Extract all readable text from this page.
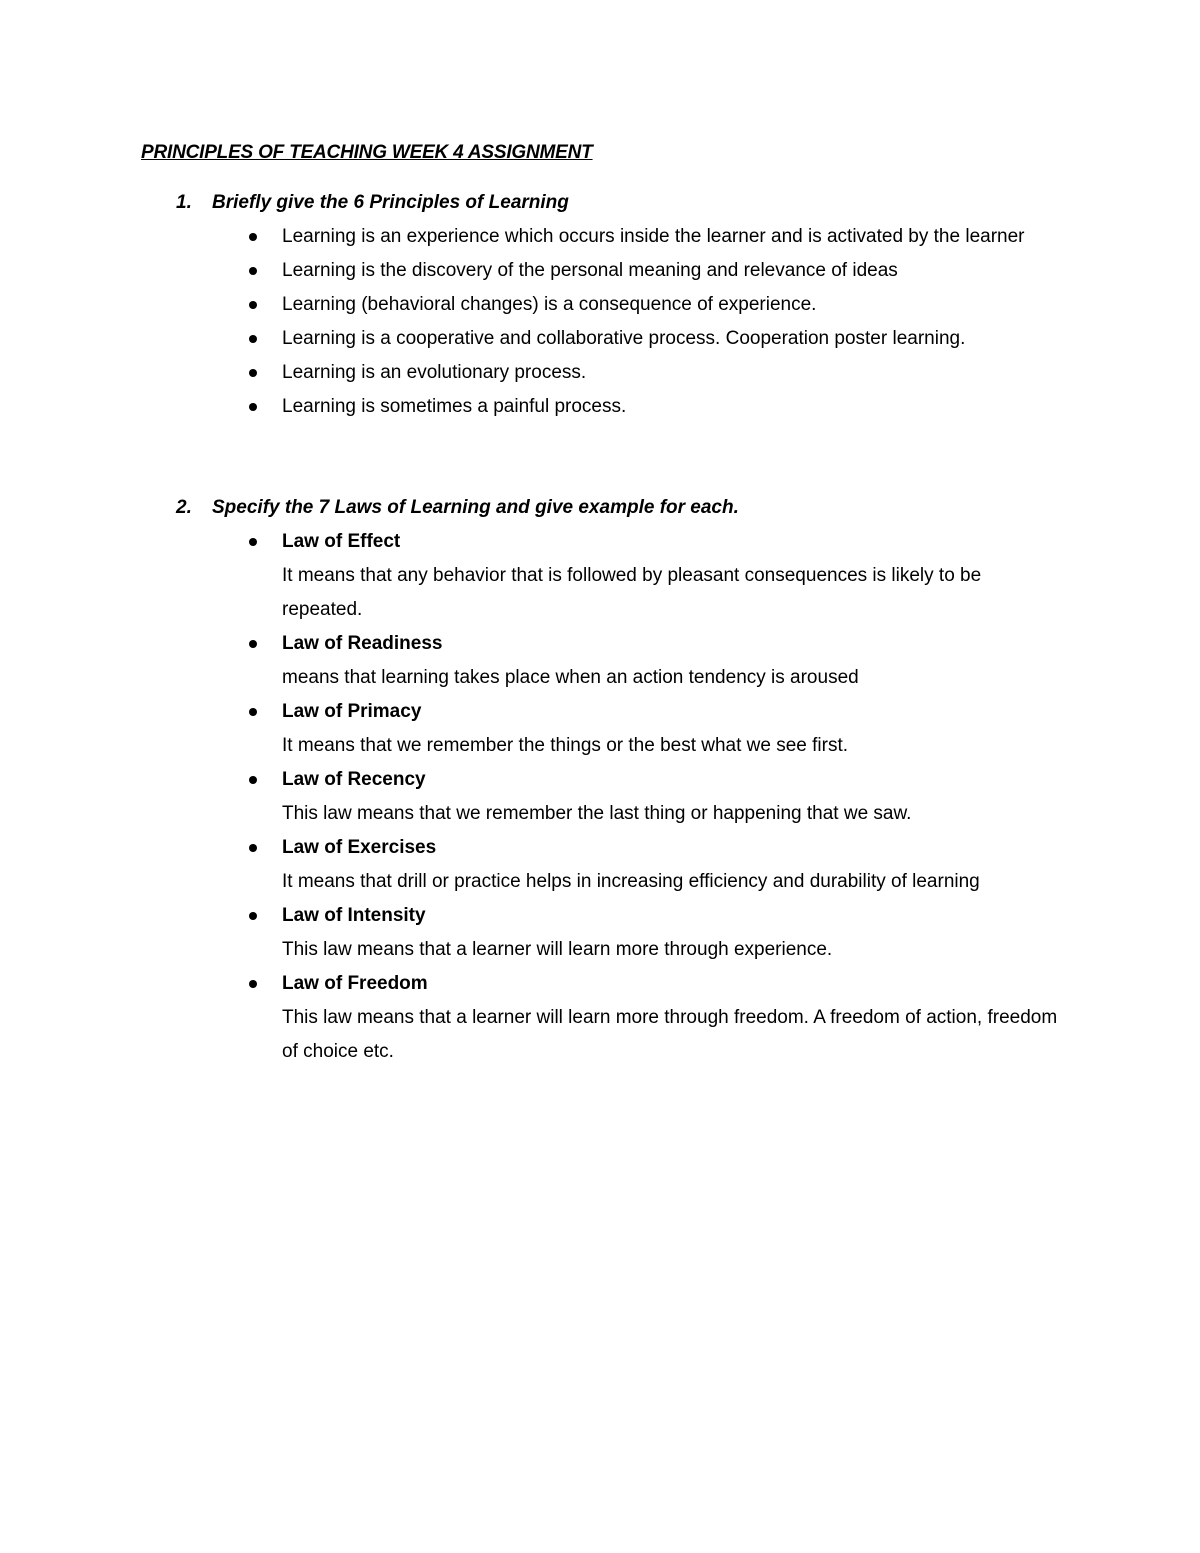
PRINCIPLES OF TEACHING WEEK 4 ASSIGNMENT
1. Briefly give the 6 Principles of Learning
Learning is an experience which occurs inside the learner and is activated by the learner
Learning is the discovery of the personal meaning and relevance of ideas
Learning (behavioral changes) is a consequence of experience.
Learning is a cooperative and collaborative process. Cooperation poster learning.
Learning is an evolutionary process.
Learning is sometimes a painful process.
2. Specify the 7 Laws of Learning and give example for each.
Law of Effect
It means that any behavior that is followed by pleasant consequences is likely to be repeated.
Law of Readiness
means that learning takes place when an action tendency is aroused
Law of Primacy
It means that we remember the things or the best what we see first.
Law of Recency
This law means that we remember the last thing or happening that we saw.
Law of Exercises
It means that drill or practice helps in increasing efficiency and durability of learning
Law of Intensity
This law means that a learner will learn more through experience.
Law of Freedom
This law means that a learner will learn more through freedom. A freedom of action, freedom of choice etc.
